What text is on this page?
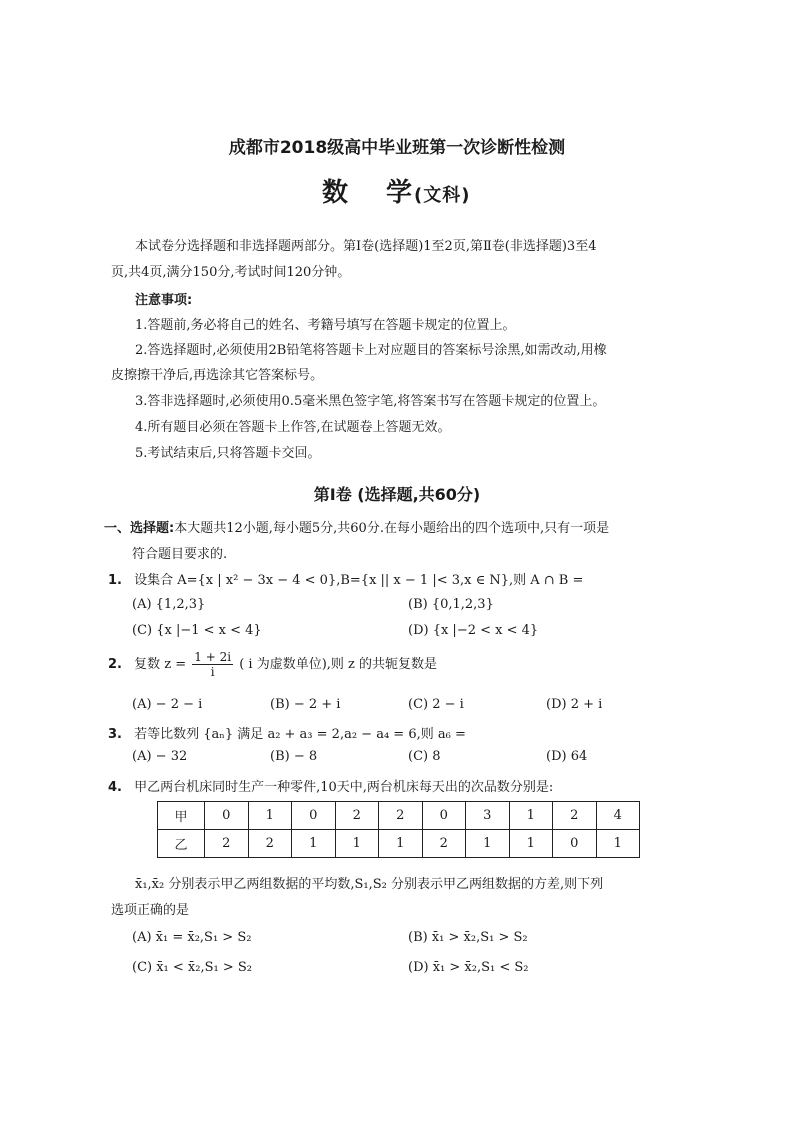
成都市2018级高中毕业班第一次诊断性检测
数 学(文科)
本试卷分选择题和非选择题两部分。第Ⅰ卷(选择题)1至2页,第Ⅱ卷(非选择题)3至4
页,共4页,满分150分,考试时间120分钟。
注意事项:
1.答题前,务必将自己的姓名、考籍号填写在答题卡规定的位置上。
2.答选择题时,必须使用2B铅笔将答题卡上对应题目的答案标号涂黑,如需改动,用橡
皮擦擦干净后,再选涂其它答案标号。
3.答非选择题时,必须使用0.5毫米黑色签字笔,将答案书写在答题卡规定的位置上。
4.所有题目必须在答题卡上作答,在试题卷上答题无效。
5.考试结束后,只将答题卡交回。
第Ⅰ卷 (选择题,共60分)
一、选择题:本大题共12小题,每小题5分,共60分.在每小题给出的四个选项中,只有一项是
符合题目要求的.
1. 设集合 A={x | x² − 3x − 4 < 0},B={x || x − 1 |< 3,x ∈ N},则 A ∩ B =
(A) {1,2,3}	(B) {0,1,2,3}
(C) {x |−1 < x < 4}	(D) {x |−2 < x < 4}
2. 复数 $z = \frac{1 + 2i}{i}$ ( i 为虚数单位),则 z 的共轭复数是
(A) − 2 − i	(B) − 2 + i	(C) 2 − i	(D) 2 + i
3. 若等比数列 {aₙ} 满足 a₂ + a₃ = 2,a₂ − a₄ = 6,则 a₆ =
(A) − 32	(B) − 8	(C) 8	(D) 64
4. 甲乙两台机床同时生产一种零件,10天中,两台机床每天出的次品数分别是:
甲	0	1	0	2	2	0	3	1	2	4
乙	2	2	1	1	1	2	1	1	0	1
x̄₁,x̄₂ 分别表示甲乙两组数据的平均数,S₁,S₂ 分别表示甲乙两组数据的方差,则下列
选项正确的是
(A) x̄₁ = x̄₂,S₁ > S₂	(B) x̄₁ > x̄₂,S₁ > S₂
(C) x̄₁ < x̄₂,S₁ > S₂	(D) x̄₁ > x̄₂,S₁ < S₂
